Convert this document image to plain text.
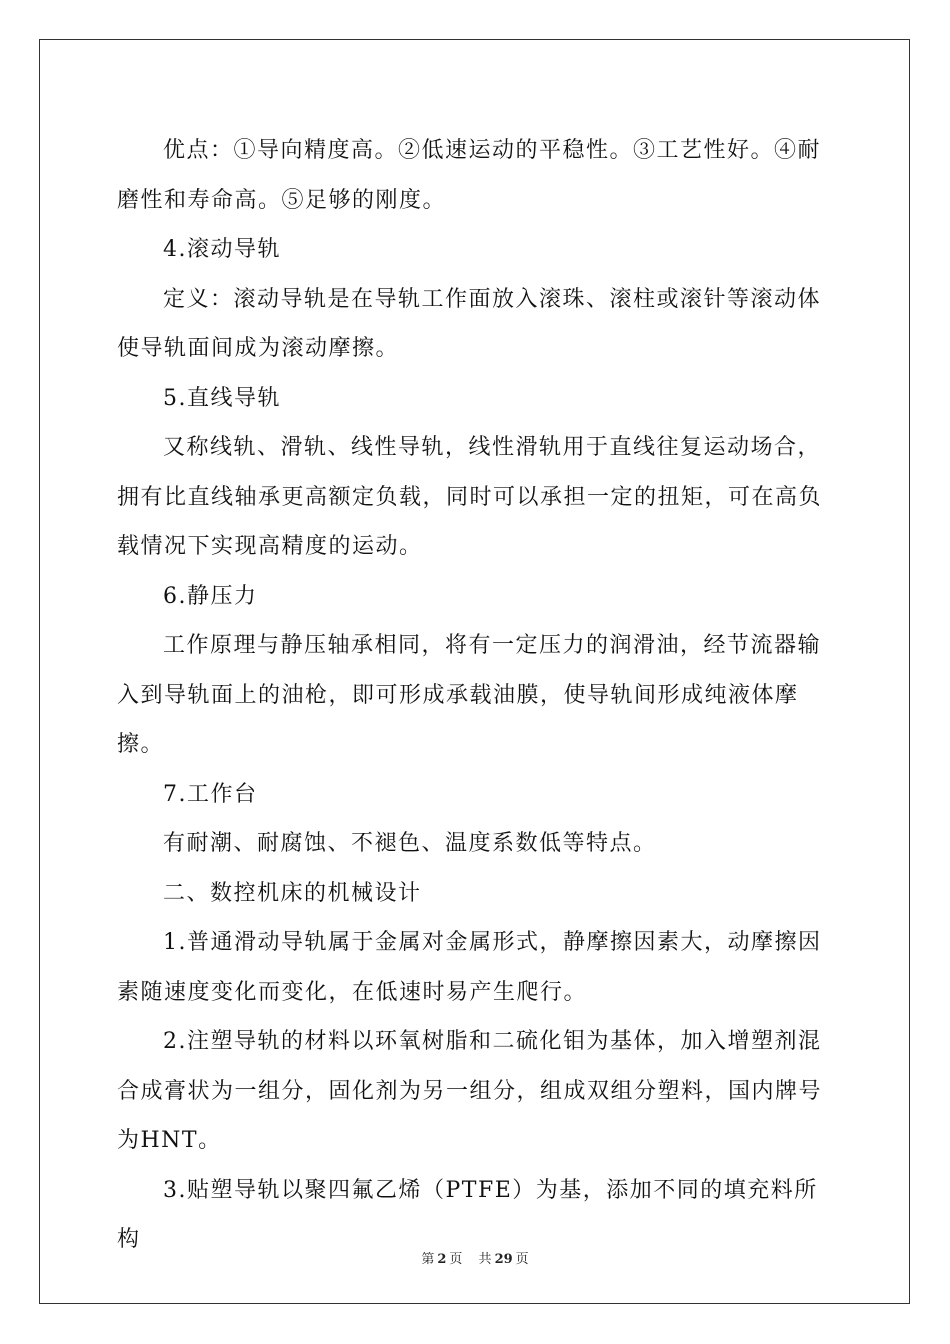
优点：①导向精度高。②低速运动的平稳性。③工艺性好。④耐

磨性和寿命高。⑤足够的刚度。

4.滚动导轨

定义：滚动导轨是在导轨工作面放入滚珠、滚柱或滚针等滚动体

使导轨面间成为滚动摩擦。

5.直线导轨

又称线轨、滑轨、线性导轨，线性滑轨用于直线往复运动场合，

拥有比直线轴承更高额定负载，同时可以承担一定的扭矩，可在高负

载情况下实现高精度的运动。

6.静压力

工作原理与静压轴承相同，将有一定压力的润滑油，经节流器输

入到导轨面上的油枪，即可形成承载油膜，使导轨间形成纯液体摩擦。

7.工作台

有耐潮、耐腐蚀、不褪色、温度系数低等特点。

二、数控机床的机械设计

1.普通滑动导轨属于金属对金属形式，静摩擦因素大，动摩擦因

素随速度变化而变化，在低速时易产生爬行。

2.注塑导轨的材料以环氧树脂和二硫化钼为基体，加入增塑剂混

合成膏状为一组分，固化剂为另一组分，组成双组分塑料，国内牌号

为HNT。

3.贴塑导轨以聚四氟乙烯（PTFE）为基，添加不同的填充料所构

第 2 页 共 29 页
